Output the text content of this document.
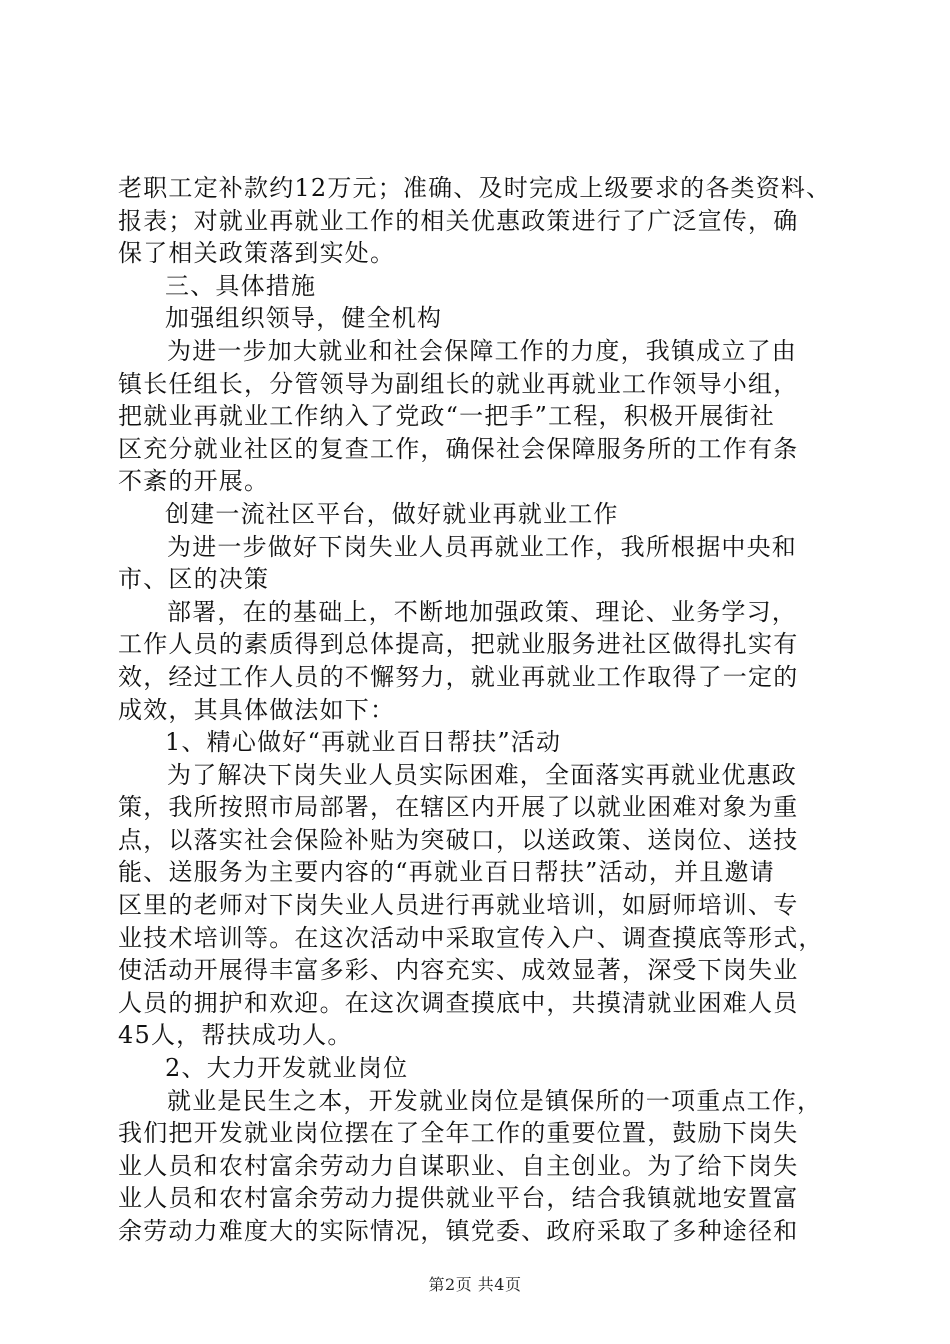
老职工定补款约12万元；准确、及时完成上级要求的各类资料、
报表；对就业再就业工作的相关优惠政策进行了广泛宣传，确
保了相关政策落到实处。
三、具体措施
加强组织领导，健全机构
为进一步加大就业和社会保障工作的力度，我镇成立了由
镇长任组长，分管领导为副组长的就业再就业工作领导小组，
把就业再就业工作纳入了党政“一把手”工程，积极开展街社
区充分就业社区的复查工作，确保社会保障服务所的工作有条
不紊的开展。
创建一流社区平台，做好就业再就业工作
为进一步做好下岗失业人员再就业工作，我所根据中央和
市、区的决策
部署，在的基础上，不断地加强政策、理论、业务学习，
工作人员的素质得到总体提高，把就业服务进社区做得扎实有
效，经过工作人员的不懈努力，就业再就业工作取得了一定的
成效，其具体做法如下：
1、精心做好“再就业百日帮扶”活动
为了解决下岗失业人员实际困难，全面落实再就业优惠政
策，我所按照市局部署，在辖区内开展了以就业困难对象为重
点，以落实社会保险补贴为突破口，以送政策、送岗位、送技
能、送服务为主要内容的“再就业百日帮扶”活动，并且邀请
区里的老师对下岗失业人员进行再就业培训，如厨师培训、专
业技术培训等。在这次活动中采取宣传入户、调查摸底等形式，
使活动开展得丰富多彩、内容充实、成效显著，深受下岗失业
人员的拥护和欢迎。在这次调查摸底中，共摸清就业困难人员
45人，帮扶成功人。
2、大力开发就业岗位
就业是民生之本，开发就业岗位是镇保所的一项重点工作，
我们把开发就业岗位摆在了全年工作的重要位置，鼓励下岗失
业人员和农村富余劳动力自谋职业、自主创业。为了给下岗失
业人员和农村富余劳动力提供就业平台，结合我镇就地安置富
余劳动力难度大的实际情况，镇党委、政府采取了多种途径和
第2页 共4页
